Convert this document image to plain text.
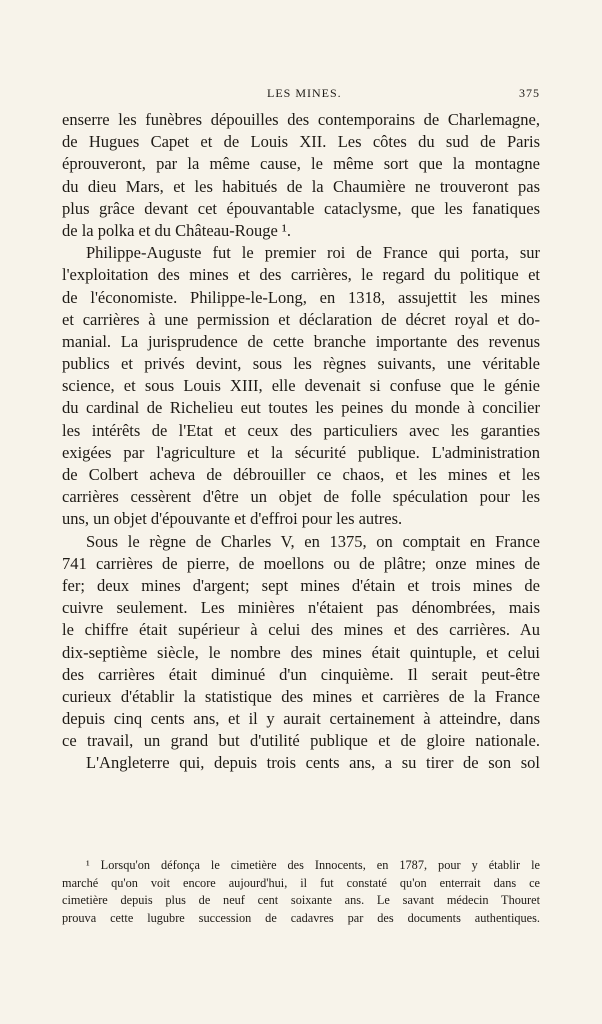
LES MINES.	375
enserre les funèbres dépouilles des contemporains de Charlemagne,
de Hugues Capet et de Louis XII. Les côtes du sud de Paris
éprouveront, par la même cause, le même sort que la montagne
du dieu Mars, et les habitués de la Chaumière ne trouveront pas
plus grâce devant cet épouvantable cataclysme, que les fanatiques
de la polka et du Château-Rouge ¹.
Philippe-Auguste fut le premier roi de France qui porta, sur
l'exploitation des mines et des carrières, le regard du politique et
de l'économiste. Philippe-le-Long, en 1318, assujettit les mines
et carrières à une permission et déclaration de décret royal et do-
manial. La jurisprudence de cette branche importante des revenus
publics et privés devint, sous les règnes suivants, une véritable
science, et sous Louis XIII, elle devenait si confuse que le génie
du cardinal de Richelieu eut toutes les peines du monde à concilier
les intérêts de l'Etat et ceux des particuliers avec les garanties
exigées par l'agriculture et la sécurité publique. L'administration
de Colbert acheva de débrouiller ce chaos, et les mines et les
carrières cessèrent d'être un objet de folle spéculation pour les
uns, un objet d'épouvante et d'effroi pour les autres.
Sous le règne de Charles V, en 1375, on comptait en France
741 carrières de pierre, de moellons ou de plâtre; onze mines de
fer; deux mines d'argent; sept mines d'étain et trois mines de
cuivre seulement. Les minières n'étaient pas dénombrées, mais
le chiffre était supérieur à celui des mines et des carrières. Au
dix-septième siècle, le nombre des mines était quintuple, et celui
des carrières était diminué d'un cinquième. Il serait peut-être
curieux d'établir la statistique des mines et carrières de la France
depuis cinq cents ans, et il y aurait certainement à atteindre, dans
ce travail, un grand but d'utilité publique et de gloire nationale.
L'Angleterre qui, depuis trois cents ans, a su tirer de son sol
¹ Lorsqu'on défonça le cimetière des Innocents, en 1787, pour y établir le
marché qu'on voit encore aujourd'hui, il fut constaté qu'on enterrait dans ce
cimetière depuis plus de neuf cent soixante ans. Le savant médecin Thouret
prouva cette lugubre succession de cadavres par des documents authentiques.
